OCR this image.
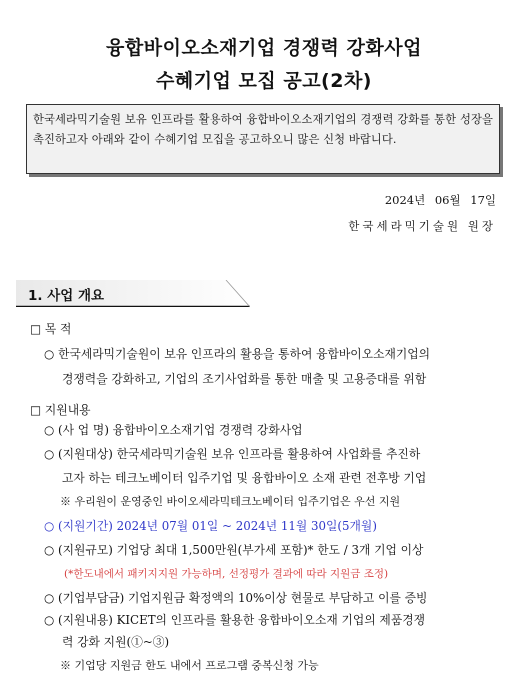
융합바이오소재기업 경쟁력 강화사업
수혜기업 모집 공고(2차)
한국세라믹기술원 보유 인프라를 활용하여 융합바이오소재기업의 경쟁력 강화를 통한 성장을 촉진하고자 아래와 같이 수혜기업 모집을 공고하오니 많은 신청 바랍니다.
2024년 06월 17일
한국세라믹기술원 원장
1. 사업 개요
□ 목 적
○ 한국세라믹기술원이 보유 인프라의 활용을 통하여 융합바이오소재기업의
경쟁력을 강화하고, 기업의 조기사업화를 통한 매출 및 고용증대를 위함
□ 지원내용
○ (사 업 명) 융합바이오소재기업 경쟁력 강화사업
○ (지원대상) 한국세라믹기술원 보유 인프라를 활용하여 사업화를 추진하
고자 하는 테크노베이터 입주기업 및 융합바이오 소재 관련 전후방 기업
※ 우리원이 운영중인 바이오세라믹테크노베이터 입주기업은 우선 지원
○ (지원기간) 2024년 07월 01일 ~ 2024년 11월 30일(5개월)
○ (지원규모) 기업당 최대 1,500만원(부가세 포함)* 한도 / 3개 기업 이상
(*한도내에서 패키지지원 가능하며, 선정평가 결과에 따라 지원금 조정)
○ (기업부담금) 기업지원금 확정액의 10%이상 현물로 부담하고 이를 증빙
○ (지원내용) KICET의 인프라를 활용한 융합바이오소재 기업의 제품경쟁
력 강화 지원(①~③)
※ 기업당 지원금 한도 내에서 프로그램 중복신청 가능
